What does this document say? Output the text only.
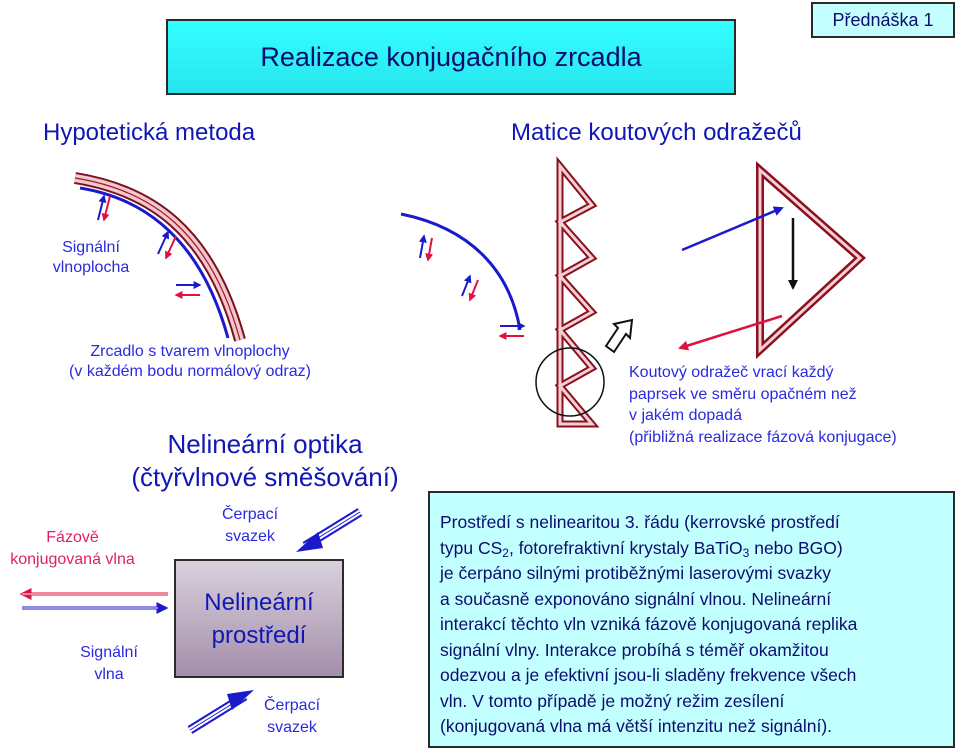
Realizace konjugačního zrcadla
Přednáška 1
Hypotetická metoda	Matice koutových odražečů
Signální
vlnoplocha
Zrcadlo s tvarem vlnoplochy
(v každém bodu normálový odraz)	Koutový odražeč vrací každý
paprsek ve směru opačném než
v jakém dopadá
(přibližná realizace fázová konjugace)
Nelineární optika
(čtyřvlnové směšování)
Fázově
konjugovaná vlna
Signální
vlna
Čerpací
svazek
Čerpací
svazek
Nelineární
prostředí

Prostředí s nelinearitou 3. řádu (kerrovské prostředí

typu $CS_2$, fotorefraktivní krystaly BaTiO$_3$ nebo BGO)

je čerpáno silnými protiběžnými laserovými svazky

a současně exponováno signální vlnou. Nelineární

interakcí těchto vln vzniká fázově konjugovaná replika

signální vlny. Interakce probíhá s téměř okamžitou

odezvou a je efektivní jsou-li sladěny frekvence všech

vln. V tomto případě je možný režim zesílení

(konjugovaná vlna má větší intenzitu než signální).
